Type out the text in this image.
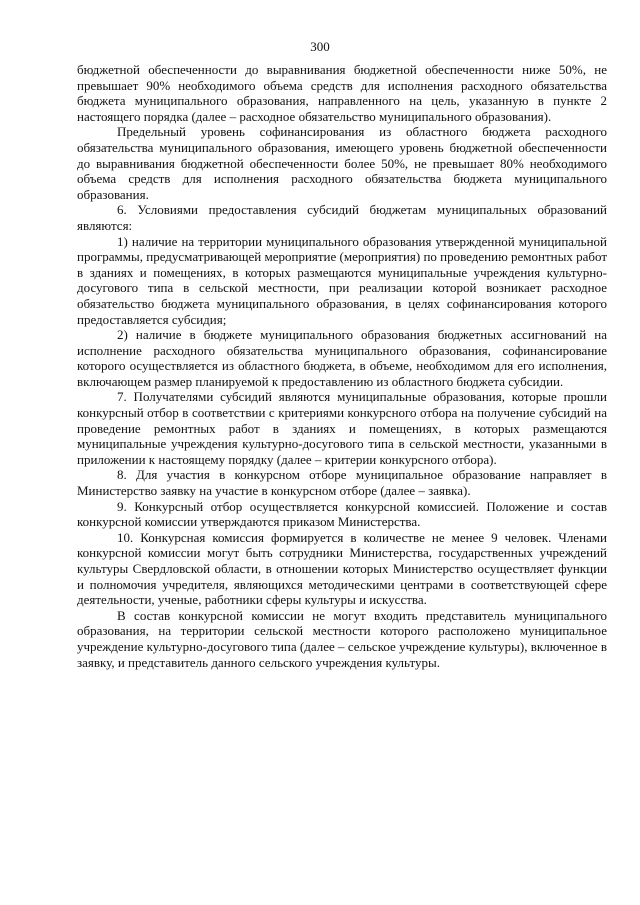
300

бюджетной обеспеченности до выравнивания бюджетной обеспеченности ниже 50%, не превышает 90% необходимого объема средств для исполнения расходного обязательства бюджета муниципального образования, направленного на цель, указанную в пункте 2 настоящего порядка (далее – расходное обязательство муниципального образования).

Предельный уровень софинансирования из областного бюджета расходного обязательства муниципального образования, имеющего уровень бюджетной обеспеченности до выравнивания бюджетной обеспеченности более 50%, не превышает 80% необходимого объема средств для исполнения расходного обязательства бюджета муниципального образования.

6. Условиями предоставления субсидий бюджетам муниципальных образований являются:

1) наличие на территории муниципального образования утвержденной муниципальной программы, предусматривающей мероприятие (мероприятия) по проведению ремонтных работ в зданиях и помещениях, в которых размещаются муниципальные учреждения культурно-досугового типа в сельской местности, при реализации которой возникает расходное обязательство бюджета муниципального образования, в целях софинансирования которого предоставляется субсидия;

2) наличие в бюджете муниципального образования бюджетных ассигнований на исполнение расходного обязательства муниципального образования, софинансирование которого осуществляется из областного бюджета, в объеме, необходимом для его исполнения, включающем размер планируемой к предоставлению из областного бюджета субсидии.

7. Получателями субсидий являются муниципальные образования, которые прошли конкурсный отбор в соответствии с критериями конкурсного отбора на получение субсидий на проведение ремонтных работ в зданиях и помещениях, в которых размещаются муниципальные учреждения культурно-досугового типа в сельской местности, указанными в приложении к настоящему порядку (далее – критерии конкурсного отбора).

8. Для участия в конкурсном отборе муниципальное образование направляет в Министерство заявку на участие в конкурсном отборе (далее – заявка).

9. Конкурсный отбор осуществляется конкурсной комиссией. Положение и состав конкурсной комиссии утверждаются приказом Министерства.

10. Конкурсная комиссия формируется в количестве не менее 9 человек. Членами конкурсной комиссии могут быть сотрудники Министерства, государственных учреждений культуры Свердловской области, в отношении которых Министерство осуществляет функции и полномочия учредителя, являющихся методическими центрами в соответствующей сфере деятельности, ученые, работники сферы культуры и искусства.

В состав конкурсной комиссии не могут входить представитель муниципального образования, на территории сельской местности которого расположено муниципальное учреждение культурно-досугового типа (далее – сельское учреждение культуры), включенное в заявку, и представитель данного сельского учреждения культуры.
